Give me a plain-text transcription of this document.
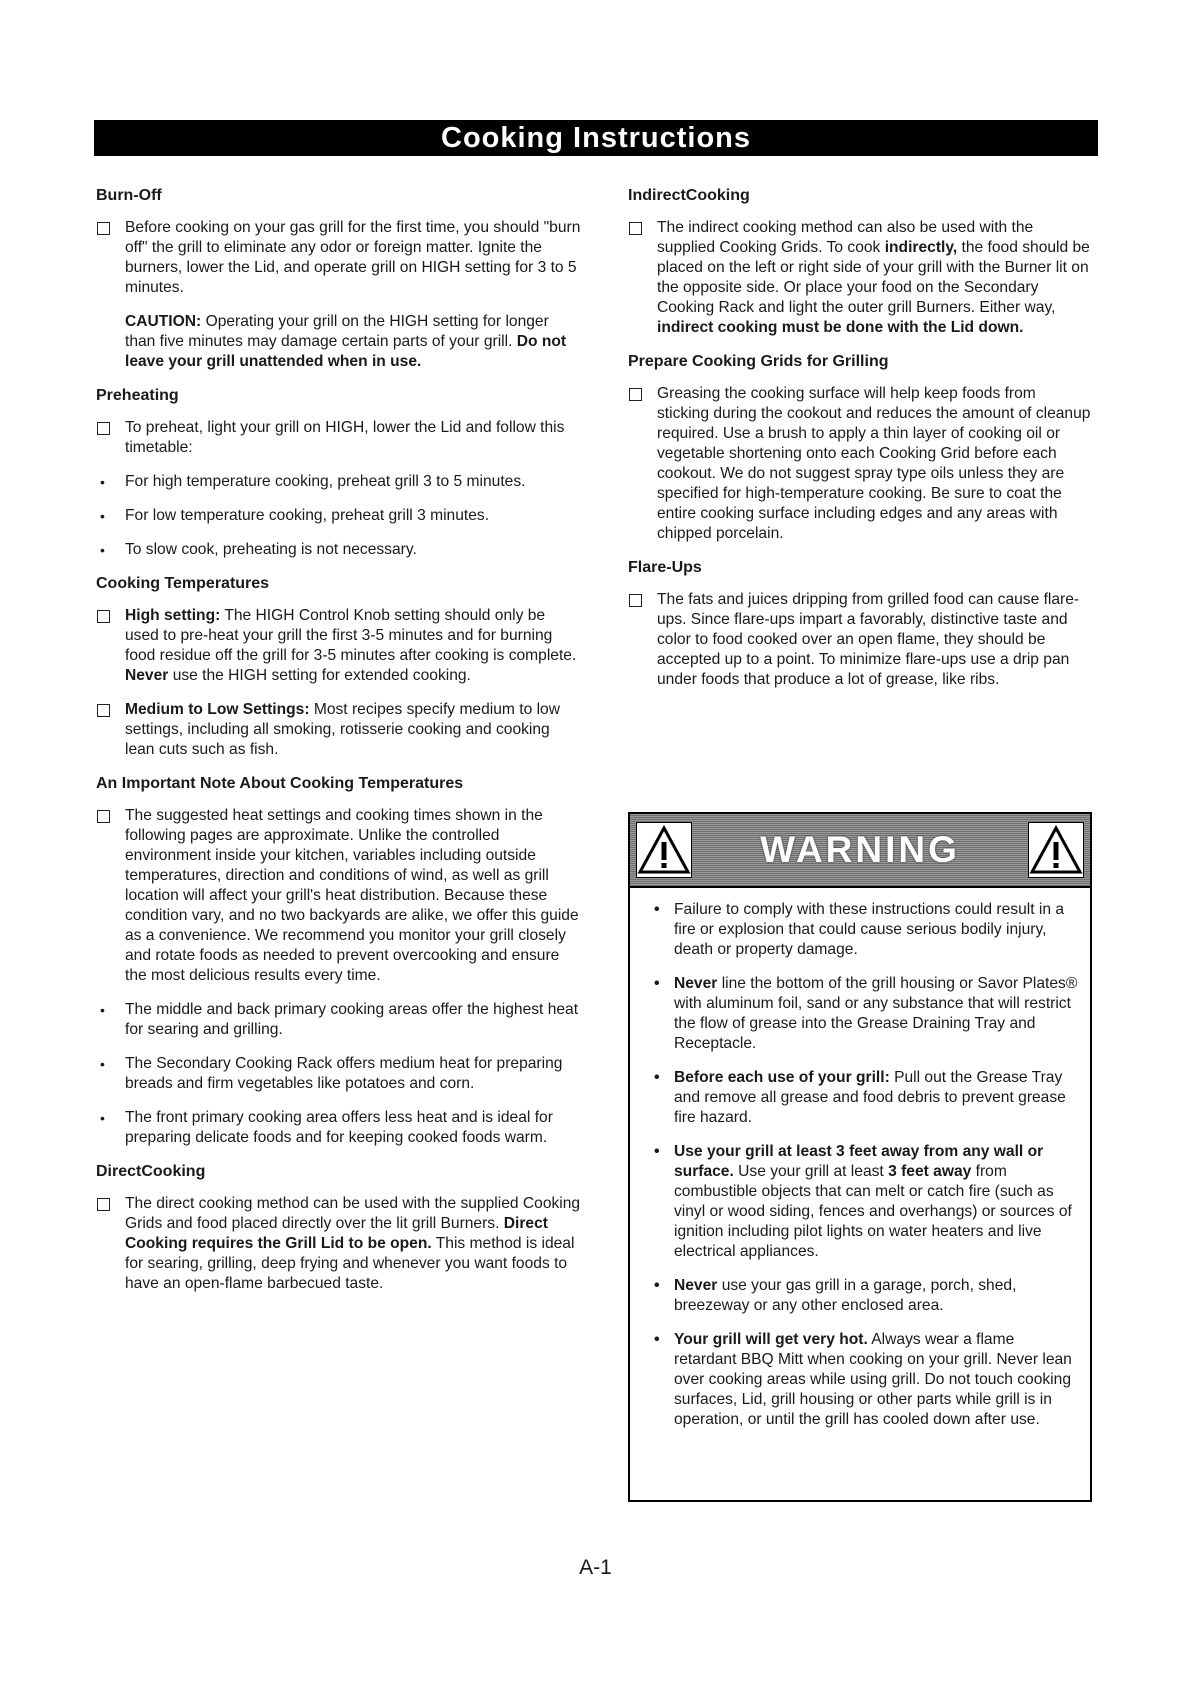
Cooking Instructions
Burn-Off
Before cooking on your gas grill for the first time, you should "burn off" the grill to eliminate any odor or foreign matter. Ignite the burners, lower the Lid, and operate grill on HIGH setting for 3 to 5 minutes.

CAUTION: Operating your grill on the HIGH setting for longer than five minutes may damage certain parts of your grill. Do not leave your grill unattended when in use.

Preheating
To preheat, light your grill on HIGH, lower the Lid and follow this timetable:
• For high temperature cooking, preheat grill 3 to 5 minutes.
• For low temperature cooking, preheat grill 3 minutes.
• To slow cook, preheating is not necessary.
Cooking Temperatures
High setting: The HIGH Control Knob setting should only be used to pre-heat your grill the first 3-5 minutes and for burning food residue off the grill for 3-5 minutes after cooking is complete. Never use the HIGH setting for extended cooking.
Medium to Low Settings: Most recipes specify medium to low settings, including all smoking, rotisserie cooking and cooking lean cuts such as fish.
An Important Note About Cooking Temperatures
The suggested heat settings and cooking times shown in the following pages are approximate. Unlike the controlled environment inside your kitchen, variables including outside temperatures, direction and conditions of wind, as well as grill location will affect your grill's heat distribution. Because these condition vary, and no two backyards are alike, we offer this guide as a convenience. We recommend you monitor your grill closely and rotate foods as needed to prevent overcooking and ensure the most delicious results every time.
• The middle and back primary cooking areas offer the highest heat for searing and grilling.
• The Secondary Cooking Rack offers medium heat for preparing breads and firm vegetables like potatoes and corn.
• The front primary cooking area offers less heat and is ideal for preparing delicate foods and for keeping cooked foods warm.
DirectCooking
The direct cooking method can be used with the supplied Cooking Grids and food placed directly over the lit grill Burners. Direct Cooking requires the Grill Lid to be open. This method is ideal for searing, grilling, deep frying and whenever you want foods to have an open-flame barbecued taste.
IndirectCooking
The indirect cooking method can also be used with the supplied Cooking Grids. To cook indirectly, the food should be placed on the left or right side of your grill with the Burner lit on the opposite side. Or place your food on the Secondary Cooking Rack and light the outer grill Burners. Either way, indirect cooking must be done with the Lid down.
Prepare Cooking Grids for Grilling
Greasing the cooking surface will help keep foods from sticking during the cookout and reduces the amount of cleanup required. Use a brush to apply a thin layer of cooking oil or vegetable shortening onto each Cooking Grid before each cookout. We do not suggest spray type oils unless they are specified for high-temperature cooking. Be sure to coat the entire cooking surface including edges and any areas with chipped porcelain.
Flare-Ups
The fats and juices dripping from grilled food can cause flare-ups. Since flare-ups impart a favorably, distinctive taste and color to food cooked over an open flame, they should be accepted up to a point. To minimize flare-ups use a drip pan under foods that produce a lot of grease, like ribs.
WARNING
• Failure to comply with these instructions could result in a fire or explosion that could cause serious bodily injury, death or property damage.
• Never line the bottom of the grill housing or Savor Plates® with aluminum foil, sand or any substance that will restrict the flow of grease into the Grease Draining Tray and Receptacle.
• Before each use of your grill: Pull out the Grease Tray and remove all grease and food debris to prevent grease fire hazard.
• Use your grill at least 3 feet away from any wall or surface. Use your grill at least 3 feet away from combustible objects that can melt or catch fire (such as vinyl or wood siding, fences and overhangs) or sources of ignition including pilot lights on water heaters and live electrical appliances.
• Never use your gas grill in a garage, porch, shed, breezeway or any other enclosed area.
• Your grill will get very hot. Always wear a flame retardant BBQ Mitt when cooking on your grill. Never lean over cooking areas while using grill. Do not touch cooking surfaces, Lid, grill housing or other parts while grill is in operation, or until the grill has cooled down after use.
A-1
